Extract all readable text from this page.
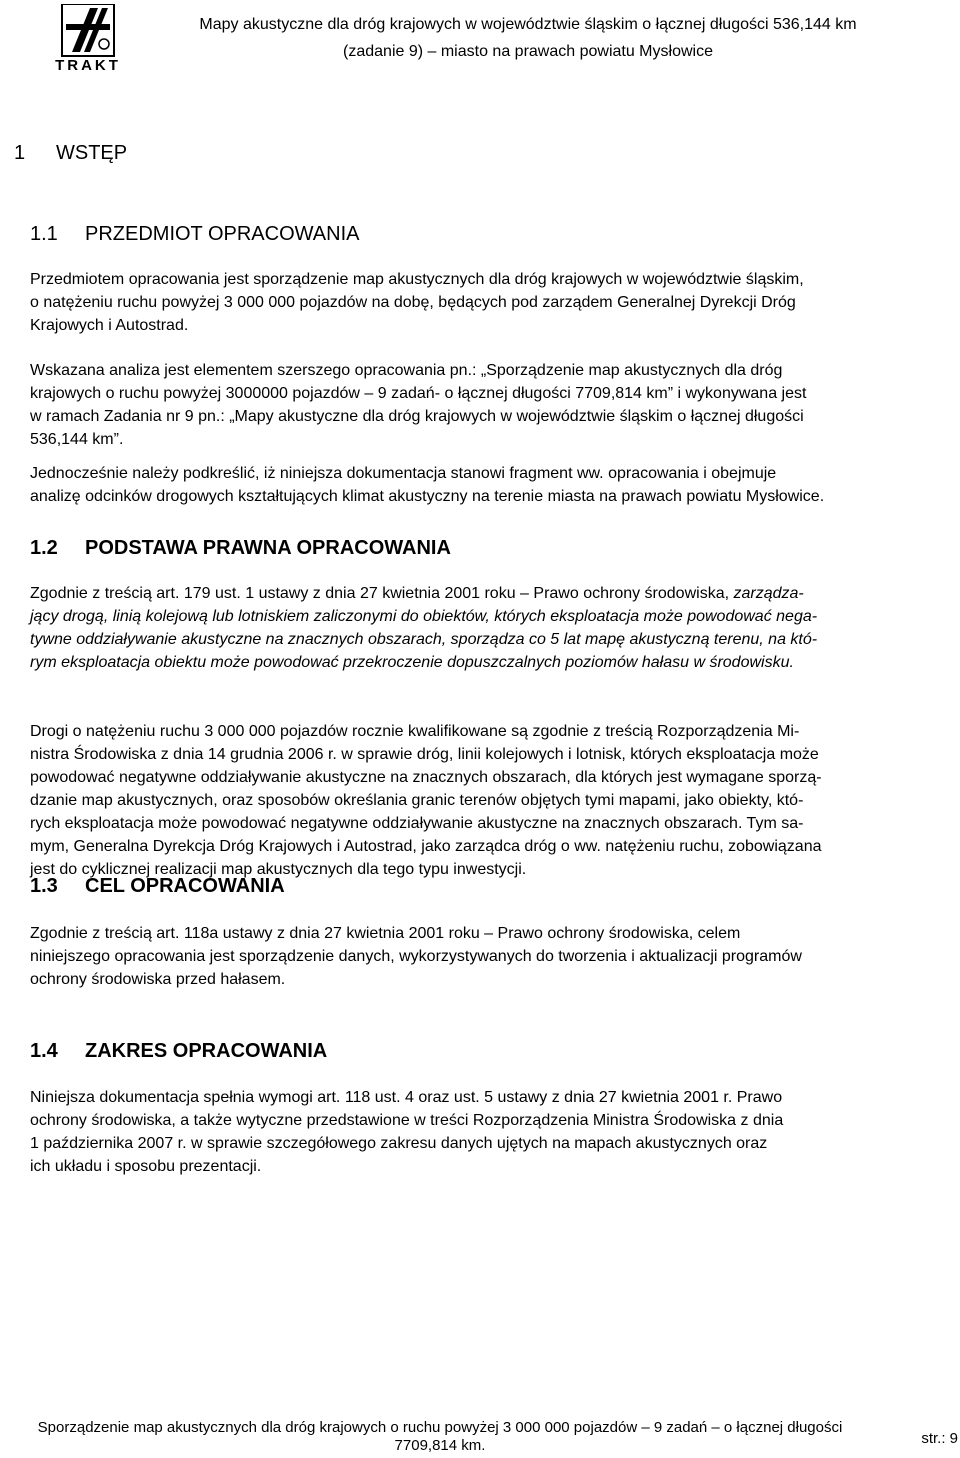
TRAKT
Mapy akustyczne dla dróg krajowych w województwie śląskim o łącznej długości 536,144 km
(zadanie 9) – miasto na prawach powiatu Mysłowice
1 WSTĘP
1.1 PRZEDMIOT OPRACOWANIA
Przedmiotem opracowania jest sporządzenie map akustycznych dla dróg krajowych w województwie śląskim,
o natężeniu ruchu powyżej 3 000 000 pojazdów na dobę, będących pod zarządem Generalnej Dyrekcji Dróg
Krajowych i Autostrad.
Wskazana analiza jest elementem szerszego opracowania pn.: „Sporządzenie map akustycznych dla dróg
krajowych o ruchu powyżej 3000000 pojazdów – 9 zadań- o łącznej długości 7709,814 km” i wykonywana jest
w ramach Zadania nr 9 pn.: „Mapy akustyczne dla dróg krajowych w województwie śląskim o łącznej długości
536,144 km”.
Jednocześnie należy podkreślić, iż niniejsza dokumentacja stanowi fragment ww. opracowania i obejmuje
analizę odcinków drogowych kształtujących klimat akustyczny na terenie miasta na prawach powiatu Mysłowice.
1.2 PODSTAWA PRAWNA OPRACOWANIA
Zgodnie z treścią art. 179 ust. 1 ustawy z dnia 27 kwietnia 2001 roku – Prawo ochrony środowiska, zarządza-
jący drogą, linią kolejową lub lotniskiem zaliczonymi do obiektów, których eksploatacja może powodować nega-
tywne oddziaływanie akustyczne na znacznych obszarach, sporządza co 5 lat mapę akustyczną terenu, na któ-
rym eksploatacja obiektu może powodować przekroczenie dopuszczalnych poziomów hałasu w środowisku.
Drogi o natężeniu ruchu 3 000 000 pojazdów rocznie kwalifikowane są zgodnie z treścią Rozporządzenia Mi-
nistra Środowiska z dnia 14 grudnia 2006 r. w sprawie dróg, linii kolejowych i lotnisk, których eksploatacja może
powodować negatywne oddziaływanie akustyczne na znacznych obszarach, dla których jest wymagane sporzą-
dzanie map akustycznych, oraz sposobów określania granic terenów objętych tymi mapami, jako obiekty, któ-
rych eksploatacja może powodować negatywne oddziaływanie akustyczne na znacznych obszarach. Tym sa-
mym, Generalna Dyrekcja Dróg Krajowych i Autostrad, jako zarządca dróg o ww. natężeniu ruchu, zobowiązana
jest do cyklicznej realizacji map akustycznych dla tego typu inwestycji.
1.3 CEL OPRACOWANIA
Zgodnie z treścią art. 118a ustawy z dnia 27 kwietnia 2001 roku – Prawo ochrony środowiska, celem
niniejszego opracowania jest sporządzenie danych, wykorzystywanych do tworzenia i aktualizacji programów
ochrony środowiska przed hałasem.
1.4 ZAKRES OPRACOWANIA
Niniejsza dokumentacja spełnia wymogi art. 118 ust. 4 oraz ust. 5 ustawy z dnia 27 kwietnia 2001 r. Prawo
ochrony środowiska, a także wytyczne przedstawione w treści Rozporządzenia Ministra Środowiska z dnia
1 października 2007 r. w sprawie szczegółowego zakresu danych ujętych na mapach akustycznych oraz
ich układu i sposobu prezentacji.
Sporządzenie map akustycznych dla dróg krajowych o ruchu powyżej 3 000 000 pojazdów – 9 zadań – o łącznej długości
7709,814 km.	str.: 9
